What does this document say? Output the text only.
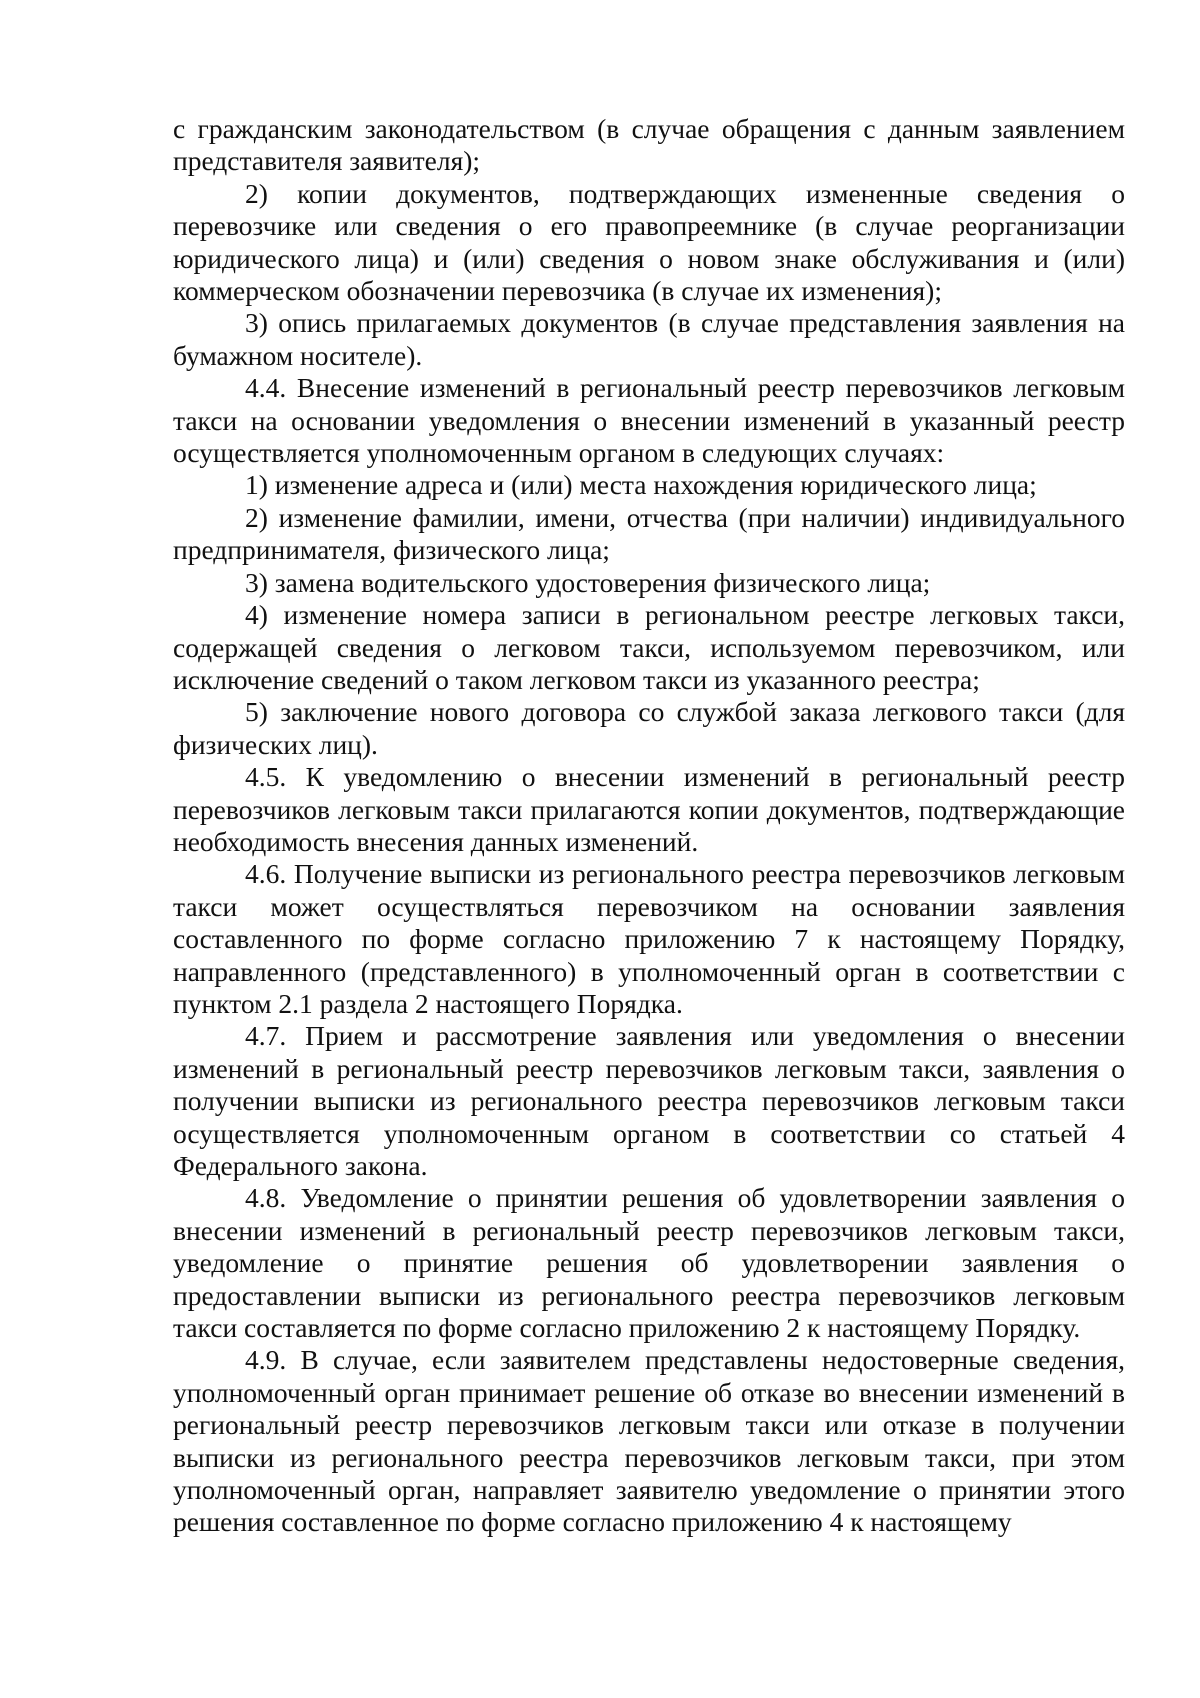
с гражданским законодательством (в случае обращения с данным заявлением представителя заявителя);

2) копии документов, подтверждающих измененные сведения о перевозчике или сведения о его правопреемнике (в случае реорганизации юридического лица) и (или) сведения о новом знаке обслуживания и (или) коммерческом обозначении перевозчика (в случае их изменения);

3) опись прилагаемых документов (в случае представления заявления на бумажном носителе).

4.4. Внесение изменений в региональный реестр перевозчиков легковым такси на основании уведомления о внесении изменений в указанный реестр осуществляется уполномоченным органом в следующих случаях:

1) изменение адреса и (или) места нахождения юридического лица;

2) изменение фамилии, имени, отчества (при наличии) индивидуального предпринимателя, физического лица;

3) замена водительского удостоверения физического лица;

4) изменение номера записи в региональном реестре легковых такси, содержащей сведения о легковом такси, используемом перевозчиком, или исключение сведений о таком легковом такси из указанного реестра;

5) заключение нового договора со службой заказа легкового такси (для физических лиц).

4.5. К уведомлению о внесении изменений в региональный реестр перевозчиков легковым такси прилагаются копии документов, подтверждающие необходимость внесения данных изменений.

4.6. Получение выписки из регионального реестра перевозчиков легковым такси может осуществляться перевозчиком на основании заявления составленного по форме согласно приложению 7 к настоящему Порядку, направленного (представленного) в уполномоченный орган в соответствии с пунктом 2.1 раздела 2 настоящего Порядка.

4.7. Прием и рассмотрение заявления или уведомления о внесении изменений в региональный реестр перевозчиков легковым такси, заявления о получении выписки из регионального реестра перевозчиков легковым такси осуществляется уполномоченным органом в соответствии со статьей 4 Федерального закона.

4.8. Уведомление о принятии решения об удовлетворении заявления о внесении изменений в региональный реестр перевозчиков легковым такси, уведомление о принятие решения об удовлетворении заявления о предоставлении выписки из регионального реестра перевозчиков легковым такси составляется по форме согласно приложению 2 к настоящему Порядку.

4.9. В случае, если заявителем представлены недостоверные сведения, уполномоченный орган принимает решение об отказе во внесении изменений в региональный реестр перевозчиков легковым такси или отказе в получении выписки из регионального реестра перевозчиков легковым такси, при этом уполномоченный орган, направляет заявителю уведомление о принятии этого решения составленное по форме согласно приложению 4 к настоящему
